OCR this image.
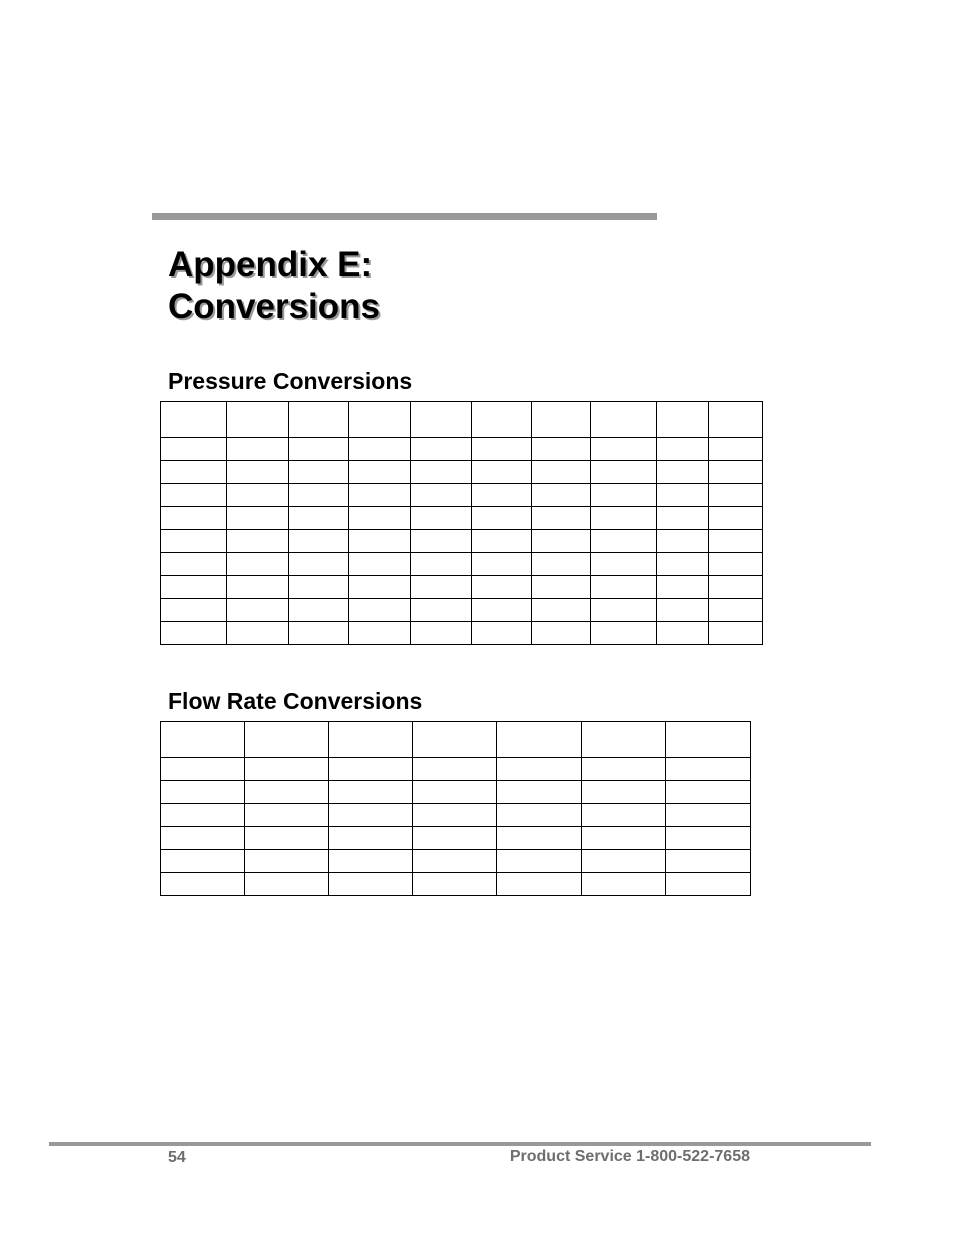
Appendix E:
Conversions
Pressure Conversions

Flow Rate Conversions

54	Product Service 1-800-522-7658
